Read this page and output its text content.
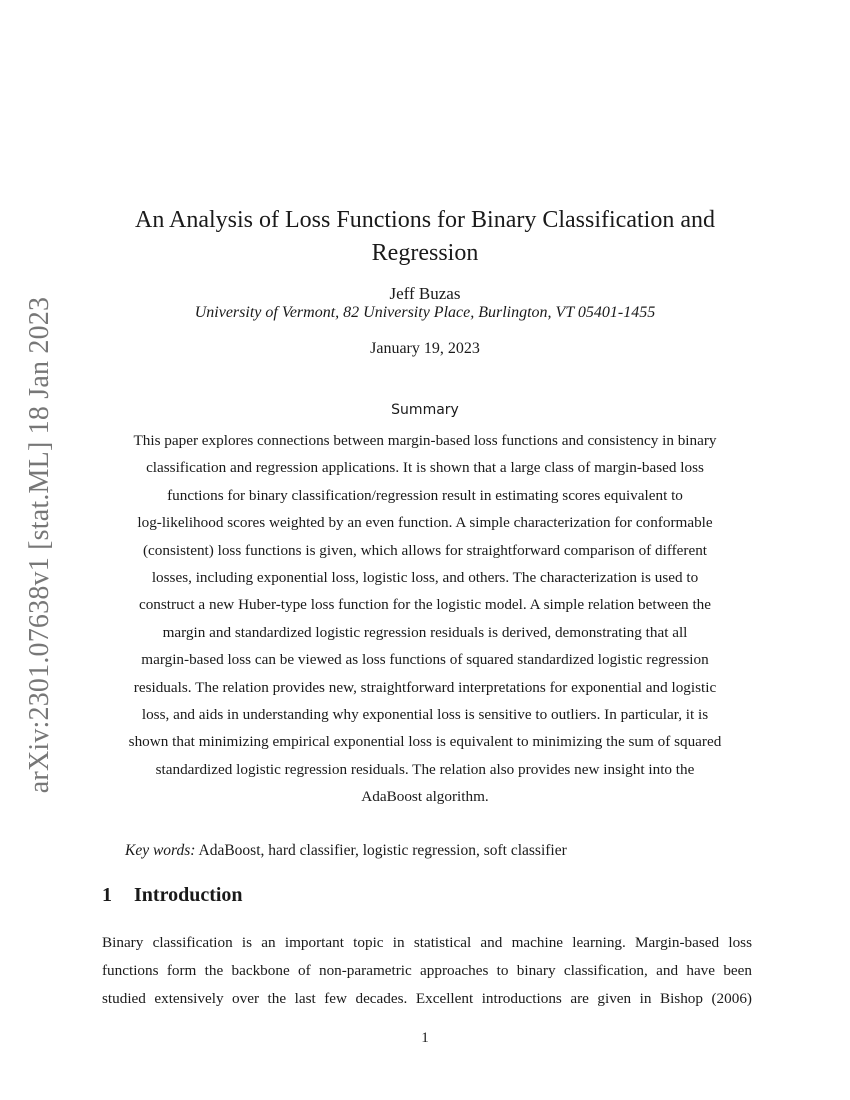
arXiv:2301.07638v1 [stat.ML] 18 Jan 2023
An Analysis of Loss Functions for Binary Classification and
Regression
Jeff Buzas
University of Vermont, 82 University Place, Burlington, VT 05401-1455
January 19, 2023
Summary
This paper explores connections between margin-based loss functions and consistency in binary
classification and regression applications. It is shown that a large class of margin-based loss
functions for binary classification/regression result in estimating scores equivalent to
log-likelihood scores weighted by an even function. A simple characterization for conformable
(consistent) loss functions is given, which allows for straightforward comparison of different
losses, including exponential loss, logistic loss, and others. The characterization is used to
construct a new Huber-type loss function for the logistic model. A simple relation between the
margin and standardized logistic regression residuals is derived, demonstrating that all
margin-based loss can be viewed as loss functions of squared standardized logistic regression
residuals. The relation provides new, straightforward interpretations for exponential and logistic
loss, and aids in understanding why exponential loss is sensitive to outliers. In particular, it is
shown that minimizing empirical exponential loss is equivalent to minimizing the sum of squared
standardized logistic regression residuals. The relation also provides new insight into the
AdaBoost algorithm.
Key words: AdaBoost, hard classifier, logistic regression, soft classifier
1 Introduction
Binary classification is an important topic in statistical and machine learning. Margin-based loss
functions form the backbone of non-parametric approaches to binary classification, and have been
studied extensively over the last few decades. Excellent introductions are given in Bishop (2006)
1
